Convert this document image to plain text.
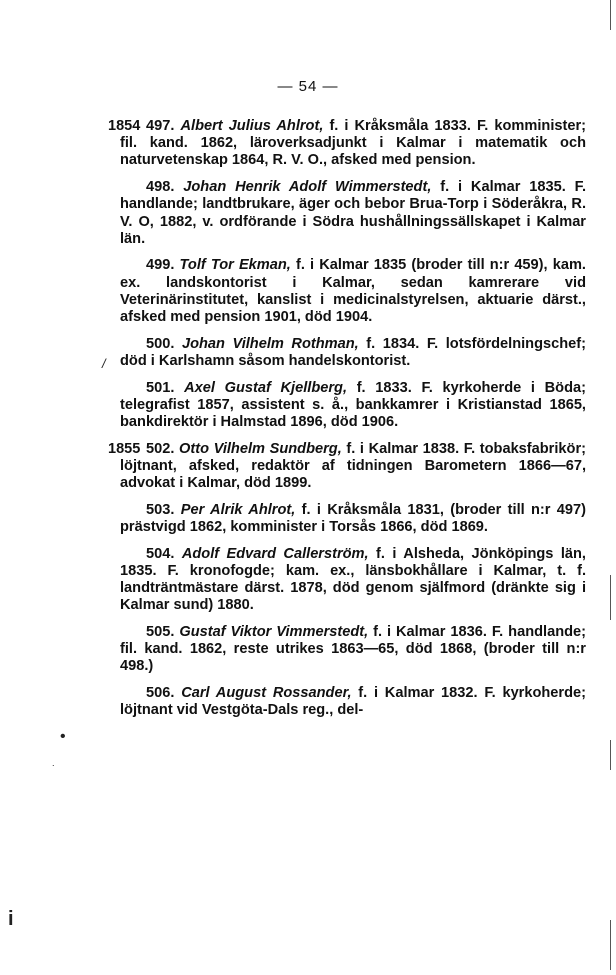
— 54 —
1854
1855

497. Albert Julius Ahlrot, f. i Kråksmåla 1833. F. komminister; fil. kand. 1862, läroverksadjunkt i Kalmar i matematik och naturvetenskap 1864, R. V. O., afsked med pension.

498. Johan Henrik Adolf Wimmerstedt, f. i Kalmar 1835. F. handlande; landtbrukare, äger och bebor Brua-Torp i Söderåkra, R. V. O, 1882, v. ordförande i Södra hushållningssällskapet i Kalmar län.

499. Tolf Tor Ekman, f. i Kalmar 1835 (broder till n:r 459), kam. ex. landskontorist i Kalmar, sedan kamrerare vid Veterinärinstitutet, kanslist i medicinalstyrelsen, aktuarie därst., afsked med pension 1901, död 1904.

500. Johan Vilhelm Rothman, f. 1834. F. lotsfördelningschef; död i Karlshamn såsom handelskontorist.

501. Axel Gustaf Kjellberg, f. 1833. F. kyrkoherde i Böda; telegrafist 1857, assistent s. å., bankkamrer i Kristianstad 1865, bankdirektör i Halmstad 1896, död 1906.

502. Otto Vilhelm Sundberg, f. i Kalmar 1838. F. tobaksfabrikör; löjtnant, afsked, redaktör af tidningen Barometern 1866—67, advokat i Kalmar, död 1899.

503. Per Alrik Ahlrot, f. i Kråksmåla 1831, (broder till n:r 497) prästvigd 1862, komminister i Torsås 1866, död 1869.

504. Adolf Edvard Callerström, f. i Alsheda, Jönköpings län, 1835. F. kronofogde; kam. ex., länsbokhållare i Kalmar, t. f. landträntmästare därst. 1878, död genom själfmord (dränkte sig i Kalmar sund) 1880.

505. Gustaf Viktor Vimmerstedt, f. i Kalmar 1836. F. handlande; fil. kand. 1862, reste utrikes 1863—65, död 1868, (broder till n:r 498.)

506. Carl August Rossander, f. i Kalmar 1832. F. kyrkoherde; löjtnant vid Vestgöta-Dals reg., del-

/
•
.
i
